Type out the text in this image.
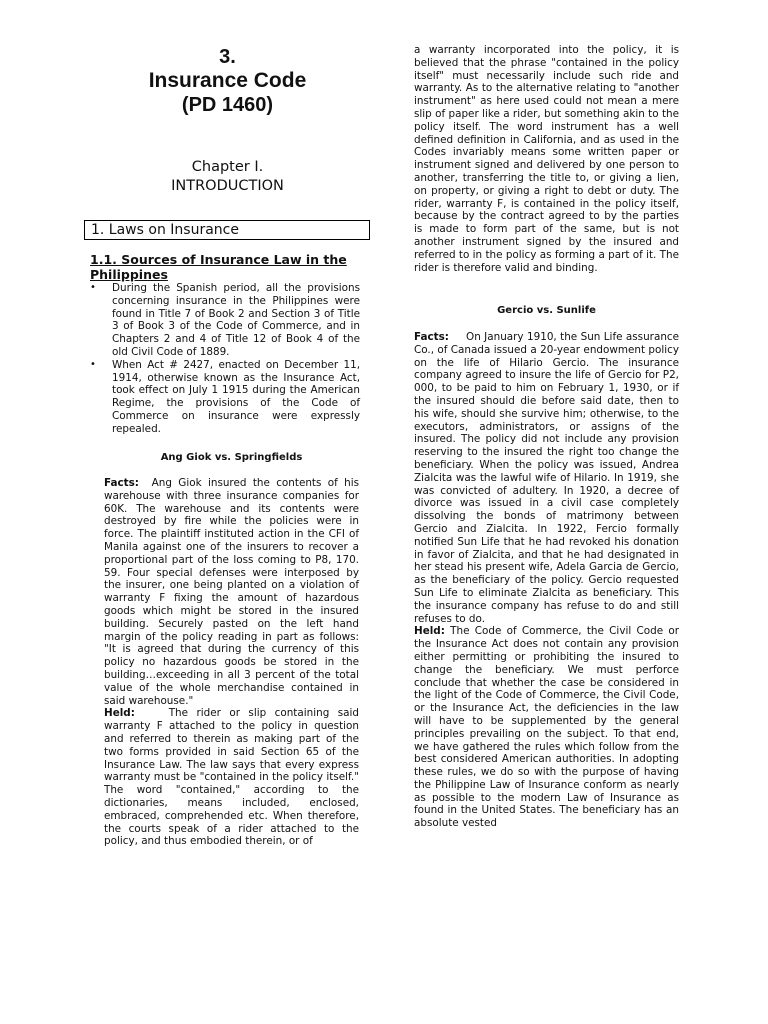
3.
Insurance Code
(PD 1460)
Chapter I.
INTRODUCTION
1. Laws on Insurance
1.1. Sources of Insurance Law in the Philippines
• During the Spanish period, all the provisions concerning insurance in the Philippines were found in Title 7 of Book 2 and Section 3 of Title 3 of Book 3 of the Code of Commerce, and in Chapters 2 and 4 of Title 12 of Book 4 of the old Civil Code of 1889.
• When Act # 2427, enacted on December 11, 1914, otherwise known as the Insurance Act, took effect on July 1 1915 during the American Regime, the provisions of the Code of Commerce on insurance were expressly repealed.
Ang Giok vs. Springfields

Facts: Ang Giok insured the contents of his warehouse with three insurance companies for 60K. The warehouse and its contents were destroyed by fire while the policies were in force. The plaintiff instituted action in the CFI of Manila against one of the insurers to recover a proportional part of the loss coming to P8, 170. 59. Four special defenses were interposed by the insurer, one being planted on a violation of warranty F fixing the amount of hazardous goods which might be stored in the insured building. Securely pasted on the left hand margin of the policy reading in part as follows: "It is agreed that during the currency of this policy no hazardous goods be stored in the building…exceeding in all 3 percent of the total value of the whole merchandise contained in said warehouse."

Held:	The rider or slip containing said warranty F attached to the policy in question and referred to therein as making part of the two forms provided in said Section 65 of the Insurance Law. The law says that every express warranty must be "contained in the policy itself." The word "contained," according to the dictionaries, means included, enclosed, embraced, comprehended etc. When therefore, the courts speak of a rider attached to the policy, and thus embodied therein, or of

a warranty incorporated into the policy, it is believed that the phrase "contained in the policy itself" must necessarily include such ride and warranty. As to the alternative relating to "another instrument" as here used could not mean a mere slip of paper like a rider, but something akin to the policy itself. The word instrument has a well defined definition in California, and as used in the Codes invariably means some written paper or instrument signed and delivered by one person to another, transferring the title to, or giving a lien, on property, or giving a right to debt or duty. The rider, warranty F, is contained in the policy itself, because by the contract agreed to by the parties is made to form part of the same, but is not another instrument signed by the insured and referred to in the policy as forming a part of it. The rider is therefore valid and binding.

Gercio vs. Sunlife

Facts: On January 1910, the Sun Life assurance Co., of Canada issued a 20-year endowment policy on the life of Hilario Gercio. The insurance company agreed to insure the life of Gercio for P2, 000, to be paid to him on February 1, 1930, or if the insured should die before said date, then to his wife, should she survive him; otherwise, to the executors, administrators, or assigns of the insured. The policy did not include any provision reserving to the insured the right too change the beneficiary. When the policy was issued, Andrea Zialcita was the lawful wife of Hilario. In 1919, she was convicted of adultery. In 1920, a decree of divorce was issued in a civil case completely dissolving the bonds of matrimony between Gercio and Zialcita. In 1922, Fercio formally notified Sun Life that he had revoked his donation in favor of Zialcita, and that he had designated in her stead his present wife, Adela Garcia de Gercio, as the beneficiary of the policy. Gercio requested Sun Life to eliminate Zialcita as beneficiary. This the insurance company has refuse to do and still refuses to do.

Held: The Code of Commerce, the Civil Code or the Insurance Act does not contain any provision either permitting or prohibiting the insured to change the beneficiary. We must perforce conclude that whether the case be considered in the light of the Code of Commerce, the Civil Code, or the Insurance Act, the deficiencies in the law will have to be supplemented by the general principles prevailing on the subject. To that end, we have gathered the rules which follow from the best considered American authorities. In adopting these rules, we do so with the purpose of having the Philippine Law of Insurance conform as nearly as possible to the modern Law of Insurance as found in the United States. The beneficiary has an absolute vested
